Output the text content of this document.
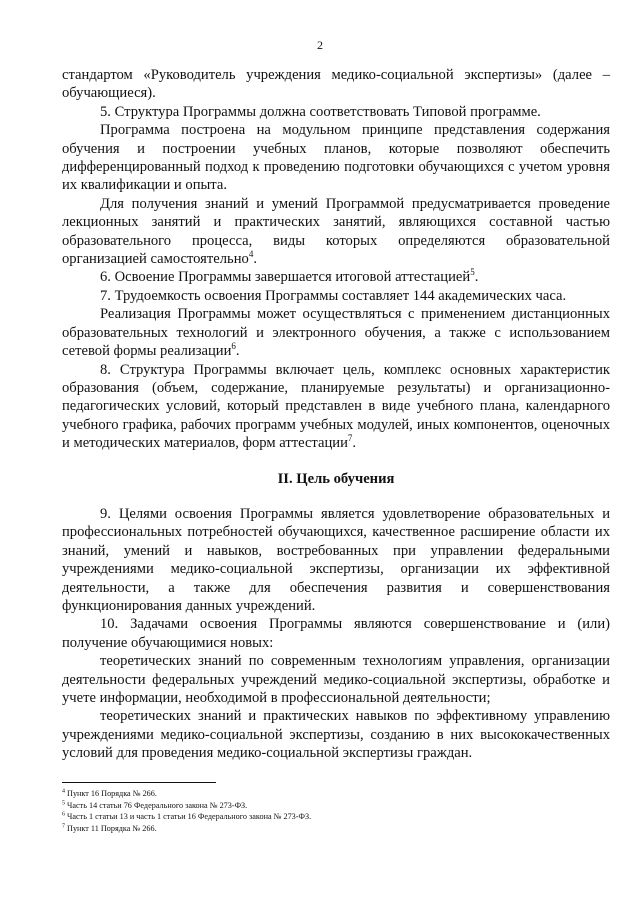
2

стандартом «Руководитель учреждения медико-социальной экспертизы» (далее – обучающиеся).

5. Структура Программы должна соответствовать Типовой программе.

Программа построена на модульном принципе представления содержания обучения и построении учебных планов, которые позволяют обеспечить дифференцированный подход к проведению подготовки обучающихся с учетом уровня их квалификации и опыта.

Для получения знаний и умений Программой предусматривается проведение лекционных занятий и практических занятий, являющихся составной частью образовательного процесса, виды которых определяются образовательной организацией самостоятельно$^4$.

6. Освоение Программы завершается итоговой аттестацией$^5$.

7. Трудоемкость освоения Программы составляет 144 академических часа.

Реализация Программы может осуществляться с применением дистанционных образовательных технологий и электронного обучения, а также с использованием сетевой формы реализации$^6$.

8. Структура Программы включает цель, комплекс основных характеристик образования (объем, содержание, планируемые результаты) и организационно-педагогических условий, который представлен в виде учебного плана, календарного учебного графика, рабочих программ учебных модулей, иных компонентов, оценочных и методических материалов, форм аттестации$^7$.

II. Цель обучения

9. Целями освоения Программы является удовлетворение образовательных и профессиональных потребностей обучающихся, качественное расширение области их знаний, умений и навыков, востребованных при управлении федеральными учреждениями медико-социальной экспертизы, организации их эффективной деятельности, а также для обеспечения развития и совершенствования функционирования данных учреждений.

10. Задачами освоения Программы являются совершенствование и (или) получение обучающимися новых:

теоретических знаний по современным технологиям управления, организации деятельности федеральных учреждений медико-социальной экспертизы, обработке и учете информации, необходимой в профессиональной деятельности;

теоретических знаний и практических навыков по эффективному управлению учреждениями медико-социальной экспертизы, созданию в них высококачественных условий для проведения медико-социальной экспертизы граждан.

$^4$ Пункт 16 Порядка № 266.
$^5$ Часть 14 статьи 76 Федерального закона № 273-ФЗ.
$^6$ Часть 1 статьи 13 и часть 1 статьи 16 Федерального закона № 273-ФЗ.
$^7$ Пункт 11 Порядка № 266.
